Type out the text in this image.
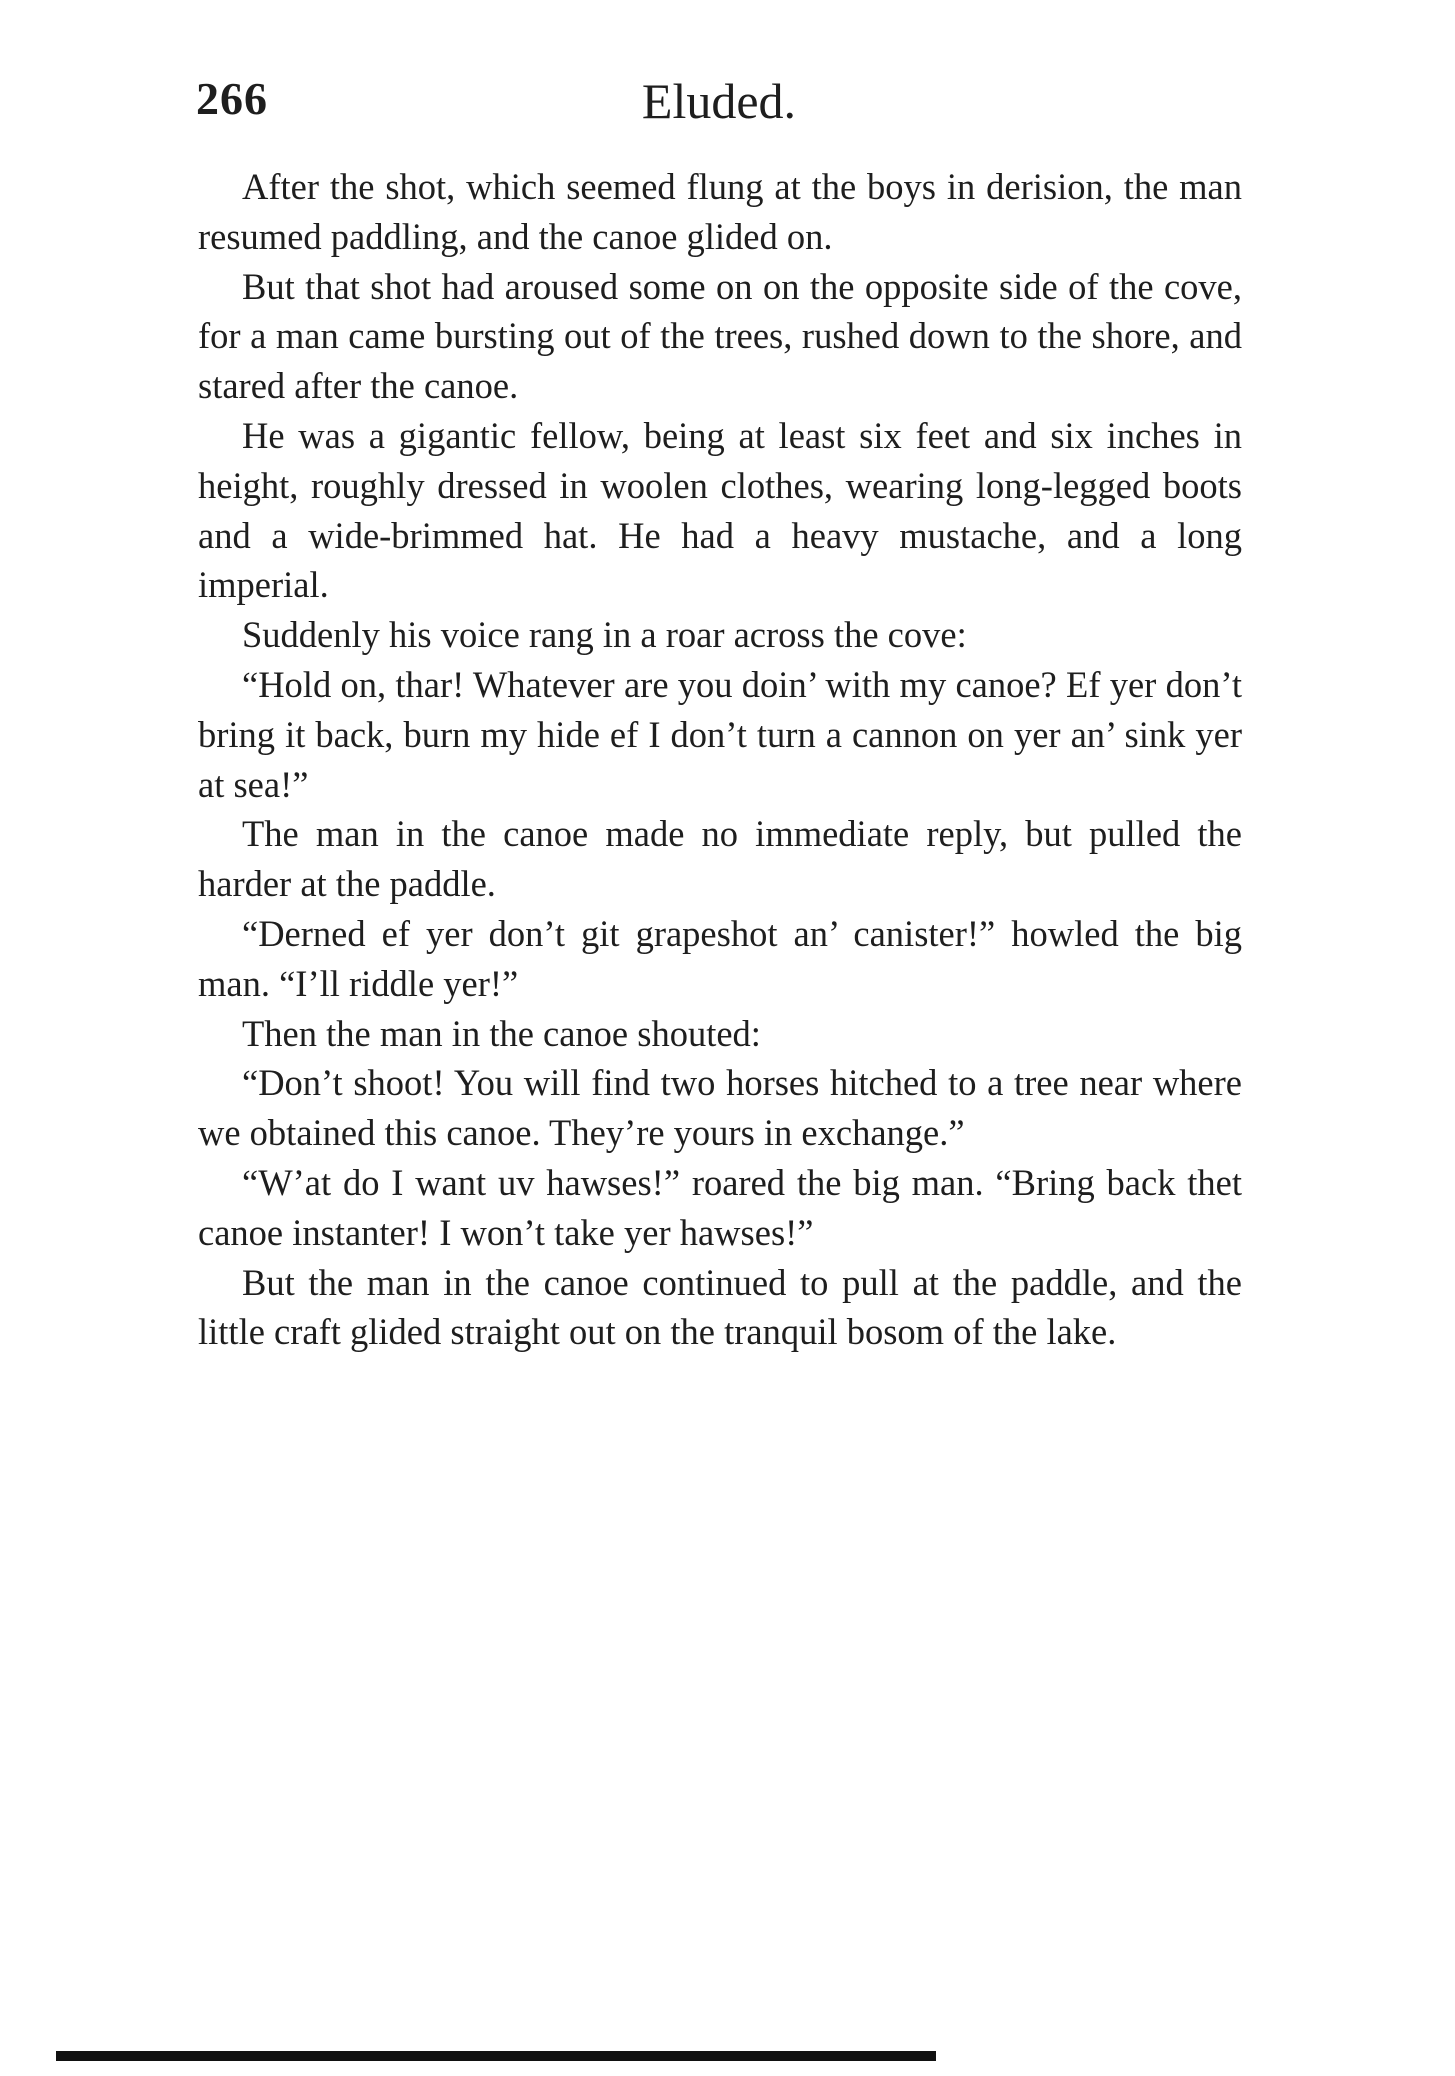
266	Eluded.

After the shot, which seemed flung at the boys in derision, the man resumed paddling, and the canoe glided on.

But that shot had aroused some on on the opposite side of the cove, for a man came bursting out of the trees, rushed down to the shore, and stared after the canoe.

He was a gigantic fellow, being at least six feet and six inches in height, roughly dressed in woolen clothes, wearing long-legged boots and a wide-brimmed hat. He had a heavy mustache, and a long imperial.

Suddenly his voice rang in a roar across the cove:

“Hold on, thar! Whatever are you doin’ with my canoe? Ef yer don’t bring it back, burn my hide ef I don’t turn a cannon on yer an’ sink yer at sea!”

The man in the canoe made no immediate reply, but pulled the harder at the paddle.

“Derned ef yer don’t git grapeshot an’ canister!” howled the big man. “I’ll riddle yer!”

Then the man in the canoe shouted:

“Don’t shoot! You will find two horses hitched to a tree near where we obtained this canoe. They’re yours in exchange.”

“W’at do I want uv hawses!” roared the big man. “Bring back thet canoe instanter! I won’t take yer hawses!”

But the man in the canoe continued to pull at the paddle, and the little craft glided straight out on the tranquil bosom of the lake.
